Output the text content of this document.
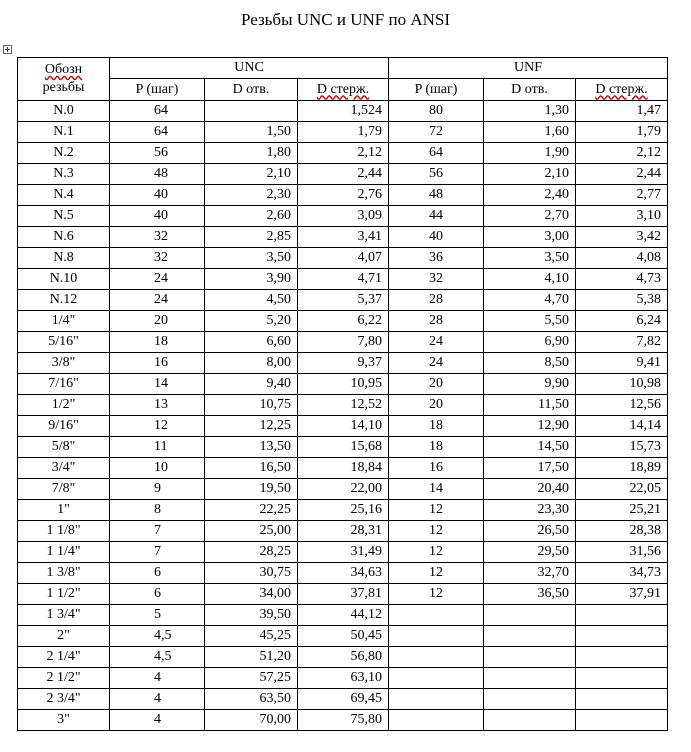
Резьбы UNC и UNF по ANSI
Обозн
резьбы	UNC			UNF		
	P (шаг)	D отв.	D стерж.	P (шаг)	D отв.	D стерж.
N.0	64		1,524	80	1,30	1,47
N.1	64	1,50	1,79	72	1,60	1,79
N.2	56	1,80	2,12	64	1,90	2,12
N.3	48	2,10	2,44	56	2,10	2,44
N.4	40	2,30	2,76	48	2,40	2,77
N.5	40	2,60	3,09	44	2,70	3,10
N.6	32	2,85	3,41	40	3,00	3,42
N.8	32	3,50	4,07	36	3,50	4,08
N.10	24	3,90	4,71	32	4,10	4,73
N.12	24	4,50	5,37	28	4,70	5,38
1/4"	20	5,20	6,22	28	5,50	6,24
5/16"	18	6,60	7,80	24	6,90	7,82
3/8"	16	8,00	9,37	24	8,50	9,41
7/16"	14	9,40	10,95	20	9,90	10,98
1/2"	13	10,75	12,52	20	11,50	12,56
9/16"	12	12,25	14,10	18	12,90	14,14
5/8"	11	13,50	15,68	18	14,50	15,73
3/4"	10	16,50	18,84	16	17,50	18,89
7/8"	9	19,50	22,00	14	20,40	22,05
1"	8	22,25	25,16	12	23,30	25,21
1 1/8"	7	25,00	28,31	12	26,50	28,38
1 1/4"	7	28,25	31,49	12	29,50	31,56
1 3/8"	6	30,75	34,63	12	32,70	34,73
1 1/2"	6	34,00	37,81	12	36,50	37,91
1 3/4"	5	39,50	44,12			
2"	4,5	45,25	50,45			
2 1/4"	4,5	51,20	56,80			
2 1/2"	4	57,25	63,10			
2 3/4"	4	63,50	69,45			
3"	4	70,00	75,80			
